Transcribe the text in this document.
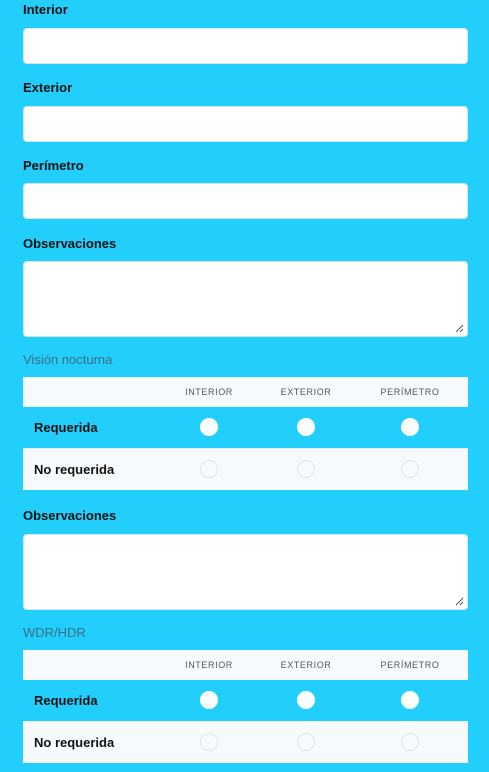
Interior
Exterior
Perímetro
Observaciones
Visión nocturna
INTERIOR	EXTERIOR	PERÍMETRO
Requerida
No requerida
Observaciones
WDR/HDR
INTERIOR	EXTERIOR	PERÍMETRO
Requerida
No requerida
